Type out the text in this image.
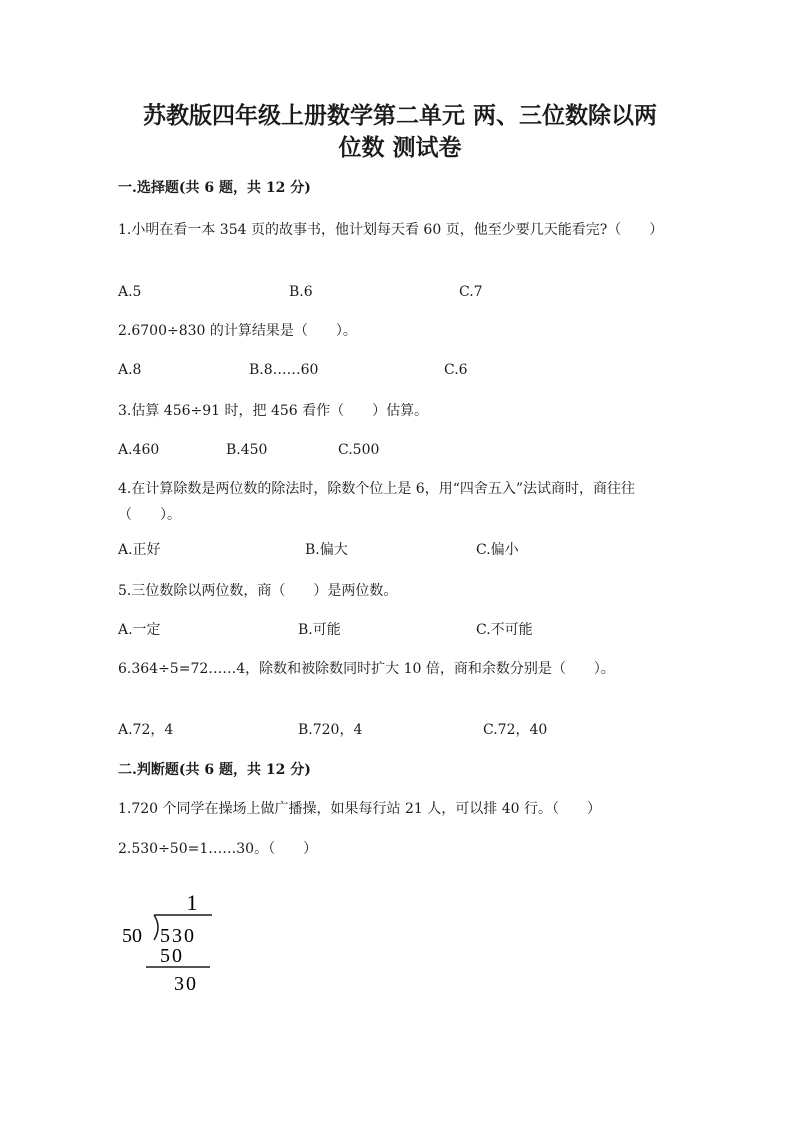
苏教版四年级上册数学第二单元 两、三位数除以两
位数 测试卷
一.选择题(共 6 题，共 12 分)
1.小明在看一本 354 页的故事书，他计划每天看 60 页，他至少要几天能看完?（　　）
A.5	B.6	C.7
2.6700÷830 的计算结果是（　　）。
A.8	B.8……60	C.6
3.估算 456÷91 时，把 456 看作（　　）估算。
A.460	B.450	C.500
4.在计算除数是两位数的除法时，除数个位上是 6，用“四舍五入”法试商时，商往往（　　）。
A.正好	B.偏大	C.偏小
5.三位数除以两位数，商（　　）是两位数。
A.一定	B.可能	C.不可能
6.364÷5=72……4，除数和被除数同时扩大 10 倍，商和余数分别是（　　）。
A.72，4	B.720，4	C.72，40
二.判断题(共 6 题，共 12 分)
1.720 个同学在操场上做广播操，如果每行站 21 人，可以排 40 行。（　　）
2.530÷50=1……30。（　　）
1
50 530
50
30
